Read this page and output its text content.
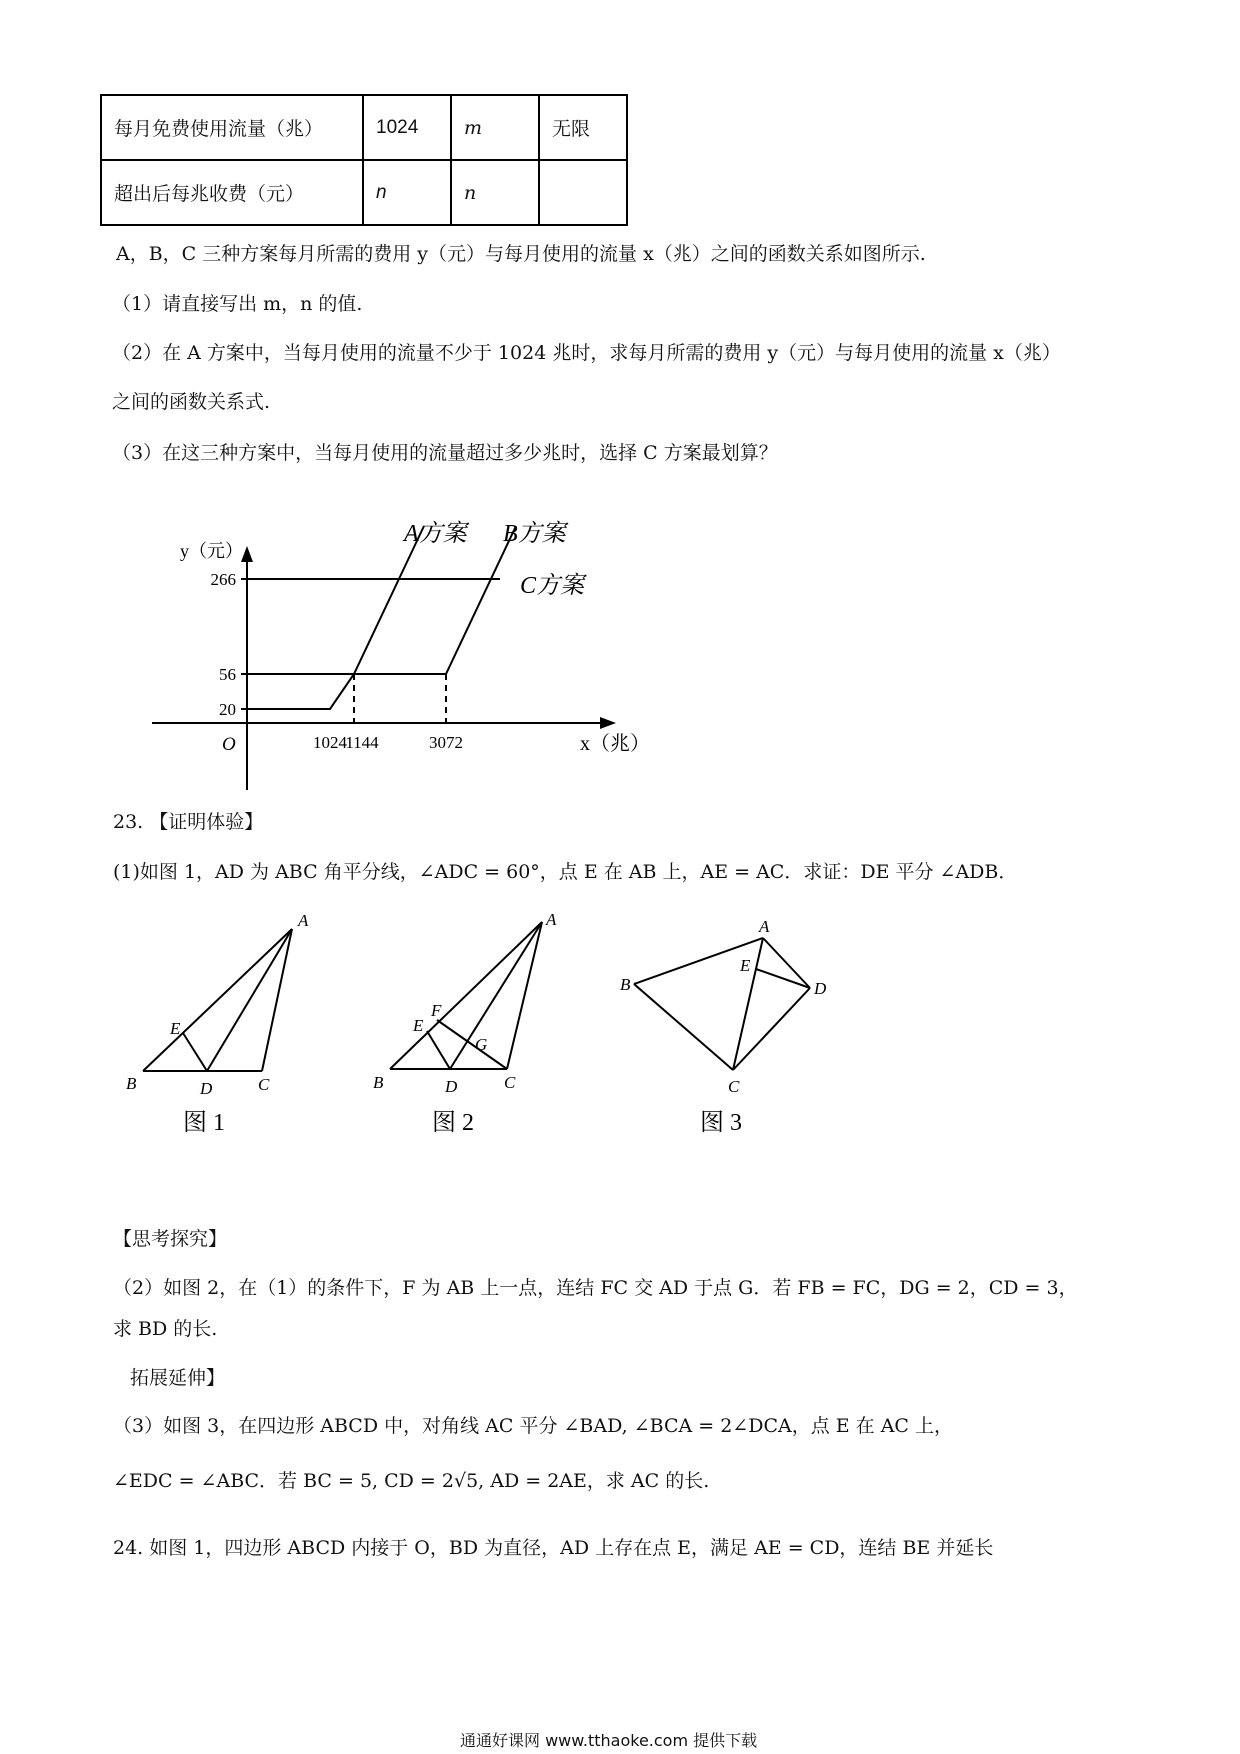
每月免费使用流量（兆）	1024	m	无限
超出后每兆收费（元）	n	n	
A，B，C 三种方案每月所需的费用 y（元）与每月使用的流量 x（兆）之间的函数关系如图所示.
（1）请直接写出 m，n 的值.
（2）在 A 方案中，当每月使用的流量不少于 1024 兆时，求每月所需的费用 y（元）与每月使用的流量 x（兆）
之间的函数关系式.
（3）在这三种方案中，当每月使用的流量超过多少兆时，选择 C 方案最划算？
20
56
266
1024
1144	3072
A方案 B方案
C方案
y（元）
x（兆）
O
23. 【证明体验】
(1)如图 1，AD 为 ABC 角平分线，∠ADC = 60°，点 E 在 AB 上，AE = AC．求证：DE 平分 ∠ADB．
A
B	C
D
E
图 1
A
B	C
D
E
F
G
图 2
A
B
C
D
E
图 3
【思考探究】
（2）如图 2，在（1）的条件下，F 为 AB 上一点，连结 FC 交 AD 于点 G．若 FB = FC，DG = 2，CD = 3，
求 BD 的长.
拓展延伸】
（3）如图 3，在四边形 ABCD 中，对角线 AC 平分 ∠BAD, ∠BCA = 2∠DCA，点 E 在 AC 上，
∠EDC = ∠ABC．若 BC = 5, CD = 2√5, AD = 2AE，求 AC 的长.
24. 如图 1，四边形 ABCD 内接于 O，BD 为直径，AD 上存在点 E，满足 AE = CD，连结 BE 并延长
通通好课网 www.tthaoke.com 提供下载
